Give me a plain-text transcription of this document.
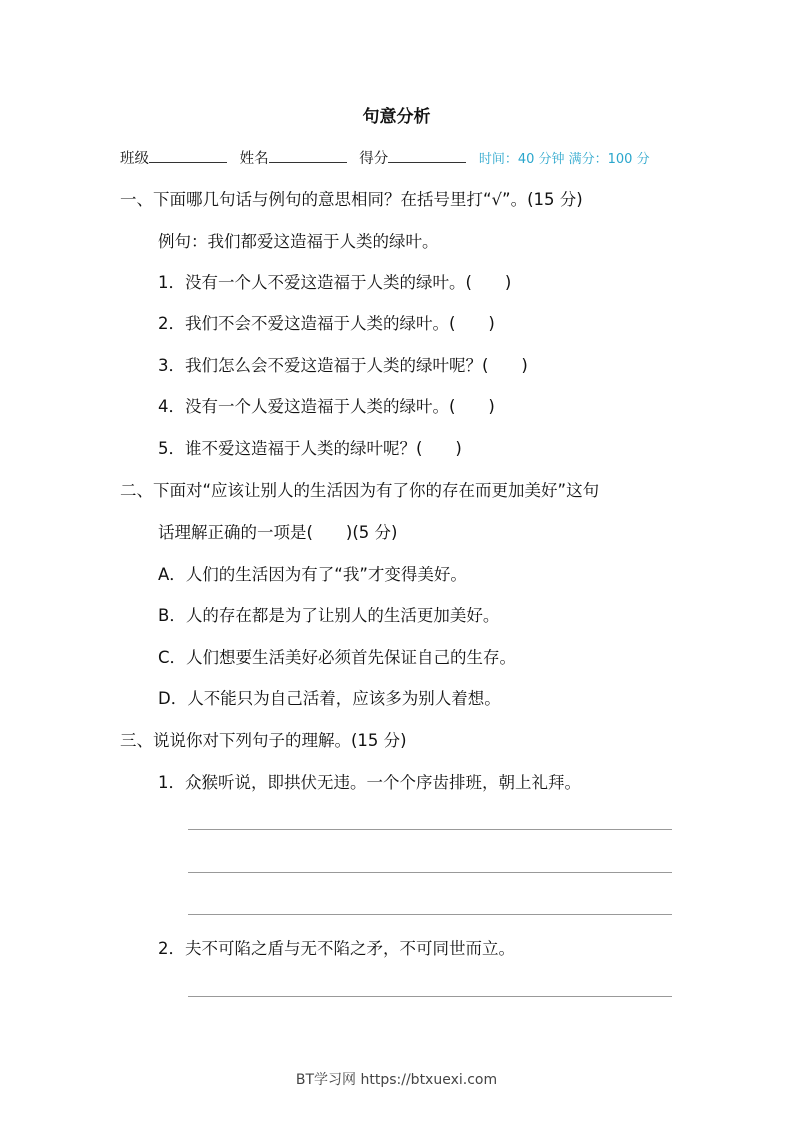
句意分析
班级	姓名	得分	时间：40 分钟 满分：100 分
一、下面哪几句话与例句的意思相同？在括号里打“√”。(15 分)
例句：我们都爱这造福于人类的绿叶。
1．没有一个人不爱这造福于人类的绿叶。(　　)
2．我们不会不爱这造福于人类的绿叶。(　　)
3．我们怎么会不爱这造福于人类的绿叶呢？(　　)
4．没有一个人爱这造福于人类的绿叶。(　　)
5．谁不爱这造福于人类的绿叶呢？(　　)
二、下面对“应该让别人的生活因为有了你的存在而更加美好”这句
话理解正确的一项是(　　)(5 分)
A．人们的生活因为有了“我”才变得美好。
B．人的存在都是为了让别人的生活更加美好。
C．人们想要生活美好必须首先保证自己的生存。
D．人不能只为自己活着，应该多为别人着想。
三、说说你对下列句子的理解。(15 分)
1．众猴听说，即拱伏无违。一个个序齿排班，朝上礼拜。
2．夫不可陷之盾与无不陷之矛，不可同世而立。
BT学习网 https://btxuexi.com
